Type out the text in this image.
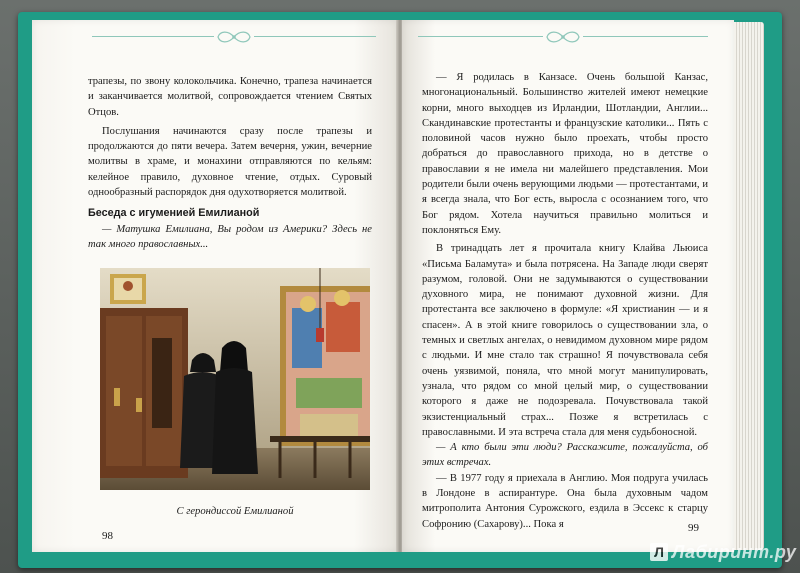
трапезы, по звону колокольчика. Конечно, трапеза начинается и заканчивается молитвой, сопровождается чтением Святых Отцов.

Послушания начинаются сразу после трапезы и продолжаются до пяти вечера. Затем вечерня, ужин, вечерние молитвы в храме, и монахини отправляются по кельям: келейное правило, духовное чтение, отдых. Суровый однообразный распорядок дня одухотворяется молитвой.

Беседа с игуменией Емилианой

— Матушка Емилиана, Вы родом из Америки? Здесь не так много православных...

С герондиссой Емилианой
98

— Я родилась в Канзасе. Очень большой Канзас, многонациональный. Большинство жителей имеют немецкие корни, много выходцев из Ирландии, Шотландии, Англии... Скандинавские протестанты и французские католики... Пять с половиной часов нужно было проехать, чтобы просто добраться до православного прихода, но в детстве о православии я не имела ни малейшего представления. Мои родители были очень верующими людьми — протестантами, и я всегда знала, что Бог есть, выросла с осознанием того, что Бог рядом. Хотела научиться правильно молиться и поклоняться Ему.

В тринадцать лет я прочитала книгу Клайва Льюиса «Письма Баламута» и была потрясена. На Западе люди сверят разумом, головой. Они не задумываются о существовании духовного мира, не понимают духовной жизни. Для протестанта все заключено в формуле: «Я христианин — и я спасен». А в этой книге говорилось о существовании зла, о темных и светлых ангелах, о невидимом духовном мире рядом с людьми. И мне стало так страшно! Я почувствовала себя очень уязвимой, поняла, что мной могут манипулировать, узнала, что рядом со мной целый мир, о существовании которого я даже не подозревала. Почувствовала такой экзистенциальный страх... Позже я встретилась с православными. И эта встреча стала для меня судьбоносной.

— А кто были эти люди? Расскажите, пожалуйста, об этих встречах.

— В 1977 году я приехала в Англию. Моя подруга училась в Лондоне в аспирантуре. Она была духовным чадом митрополита Антония Сурожского, ездила в Эссекс к старцу Софронию (Сахарову)... Пока я	99
Л Лабиринт.ру
